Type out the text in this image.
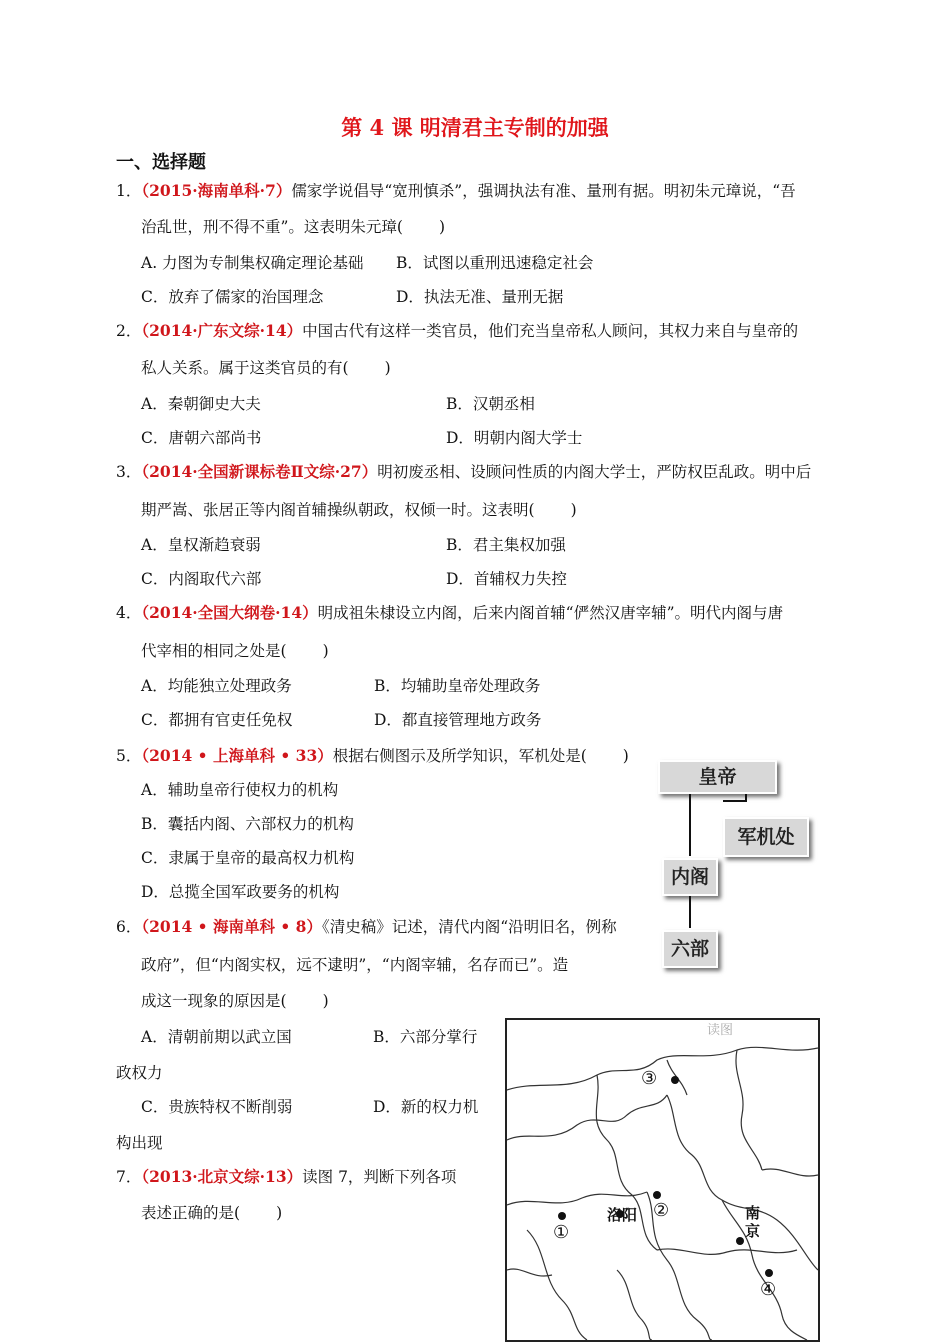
第 4 课 明清君主专制的加强
一、选择题
1．（2015·海南单科·7）儒家学说倡导“宽刑慎杀”，强调执法有准、量刑有据。明初朱元璋说，“吾
治乱世，刑不得不重”。这表明朱元璋( )
A. 力图为专制集权确定理论基础 B．试图以重刑迅速稳定社会
C．放弃了儒家的治国理念	D．执法无准、量刑无据
2．（2014·广东文综·14）中国古代有这样一类官员，他们充当皇帝私人顾问，其权力来自与皇帝的
私人关系。属于这类官员的有( )
A．秦朝御史大夫	B．汉朝丞相
C．唐朝六部尚书	D．明朝内阁大学士
3．（2014·全国新课标卷Ⅱ文综·27）明初废丞相、设顾问性质的内阁大学士，严防权臣乱政。明中后
期严嵩、张居正等内阁首辅操纵朝政，权倾一时。这表明( )
A．皇权渐趋衰弱	B．君主集权加强
C．内阁取代六部	D．首辅权力失控
4．（2014·全国大纲卷·14）明成祖朱棣设立内阁，后来内阁首辅“俨然汉唐宰辅”。明代内阁与唐
代宰相的相同之处是( )
A．均能独立处理政务	B．均辅助皇帝处理政务
C．都拥有官吏任免权	D．都直接管理地方政务
5．（2014 • 上海单科 • 33）根据右侧图示及所学知识，军机处是( )
A．辅助皇帝行使权力的机构
B．囊括内阁、六部权力的机构
C．隶属于皇帝的最高权力机构
D．总揽全国军政要务的机构
皇帝
军机处
内阁
六部
6．（2014 • 海南单科 • 8）《清史稿》记述，清代内阁“沿明旧名，例称
政府”，但“内阁实权，远不逮明”，“内阁宰辅，名存而已”。造
成这一现象的原因是( )
A．清朝前期以武立国	B．六部分掌行
政权力
C．贵族特权不断削弱	D．新的权力机
构出现
7．（2013·北京文综·13）读图 7，判断下列各项
表述正确的是( )
读图
①
②
③
④
洛阳	南
京
